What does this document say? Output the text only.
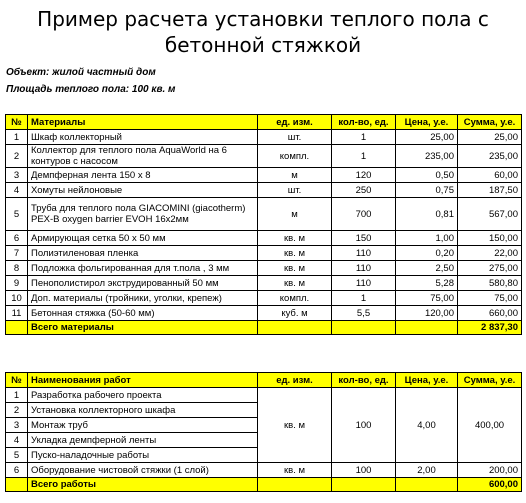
Пример расчета установки теплого пола с бетонной стяжкой
Объект: жилой частный дом
Площадь теплого пола: 100 кв. м
№	Материалы	ед. изм.	кол-во, ед.	Цена, у.е.	Сумма, у.е.
1	Шкаф коллекторный	шт.	1	25,00	25,00
2	Коллектор для теплого пола AquaWorld на 6 контуров с насосом	компл.	1	235,00	235,00
3	Демпферная лента 150 х 8	м	120	0,50	60,00
4	Хомуты нейлоновые	шт.	250	0,75	187,50
5	Труба для теплого пола GIACOMINI (giacotherm) PEX-B oxygen barrier EVOH 16x2мм	м	700	0,81	567,00
6	Армирующая сетка 50 х 50 мм	кв. м	150	1,00	150,00
7	Полиэтиленовая пленка	кв. м	110	0,20	22,00
8	Подложка фольгированная для т.пола , 3 мм	кв. м	110	2,50	275,00
9	Пенополистирол экструдированный 50 мм	кв. м	110	5,28	580,80
10	Доп. материалы (тройники, уголки, крепеж)	компл.	1	75,00	75,00
11	Бетонная стяжка (50-60 мм)	куб. м	5,5	120,00	660,00
	Всего материалы				2 837,30
№	Наименования работ	ед. изм.	кол-во, ед.	Цена, у.е.	Сумма, у.е.
1	Разработка рабочего проекта	кв. м	100	4,00	400,00
2	Установка коллекторного шкафа				
3	Монтаж труб				
4	Укладка демпферной ленты				
5	Пуско-наладочные работы				
6	Оборудование чистовой стяжки (1 слой)	кв. м	100	2,00	200,00
	Всего работы				600,00
